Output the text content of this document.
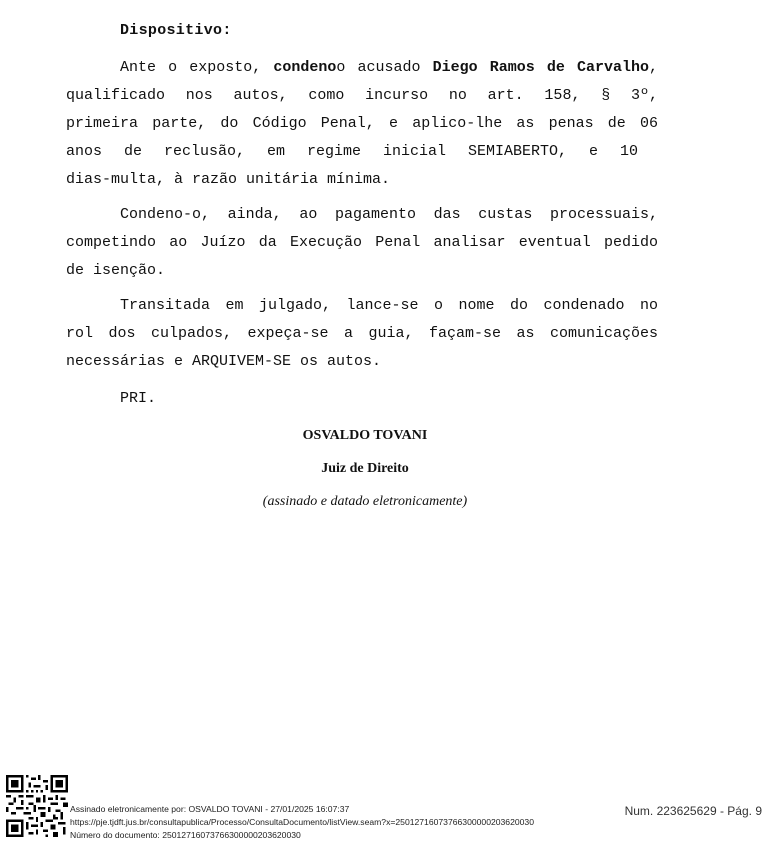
Dispositivo:
Ante o exposto, condenoo acusado Diego Ramos de Carvalho,
qualificado nos autos, como incurso no art. 158, § 3º,
primeira parte, do Código Penal, e aplico-lhe as penas de 06
anos de reclusão, em regime inicial SEMIABERTO, e 10
dias-multa, à razão unitária mínima.
Condeno-o, ainda, ao pagamento das custas processuais,
competindo ao Juízo da Execução Penal analisar eventual pedido
de isenção.
Transitada em julgado, lance-se o nome do condenado no
rol dos culpados, expeça-se a guia, façam-se as comunicações
necessárias e ARQUIVEM-SE os autos.
PRI.
OSVALDO TOVANI
Juiz de Direito
(assinado e datado eletronicamente)
Assinado eletronicamente por: OSVALDO TOVANI - 27/01/2025 16:07:37
https://pje.tjdft.jus.br/consultapublica/Processo/ConsultaDocumento/listView.seam?x=25012716073766300000203620030
Número do documento: 25012716073766300000203620030
Num. 223625629 - Pág. 9
